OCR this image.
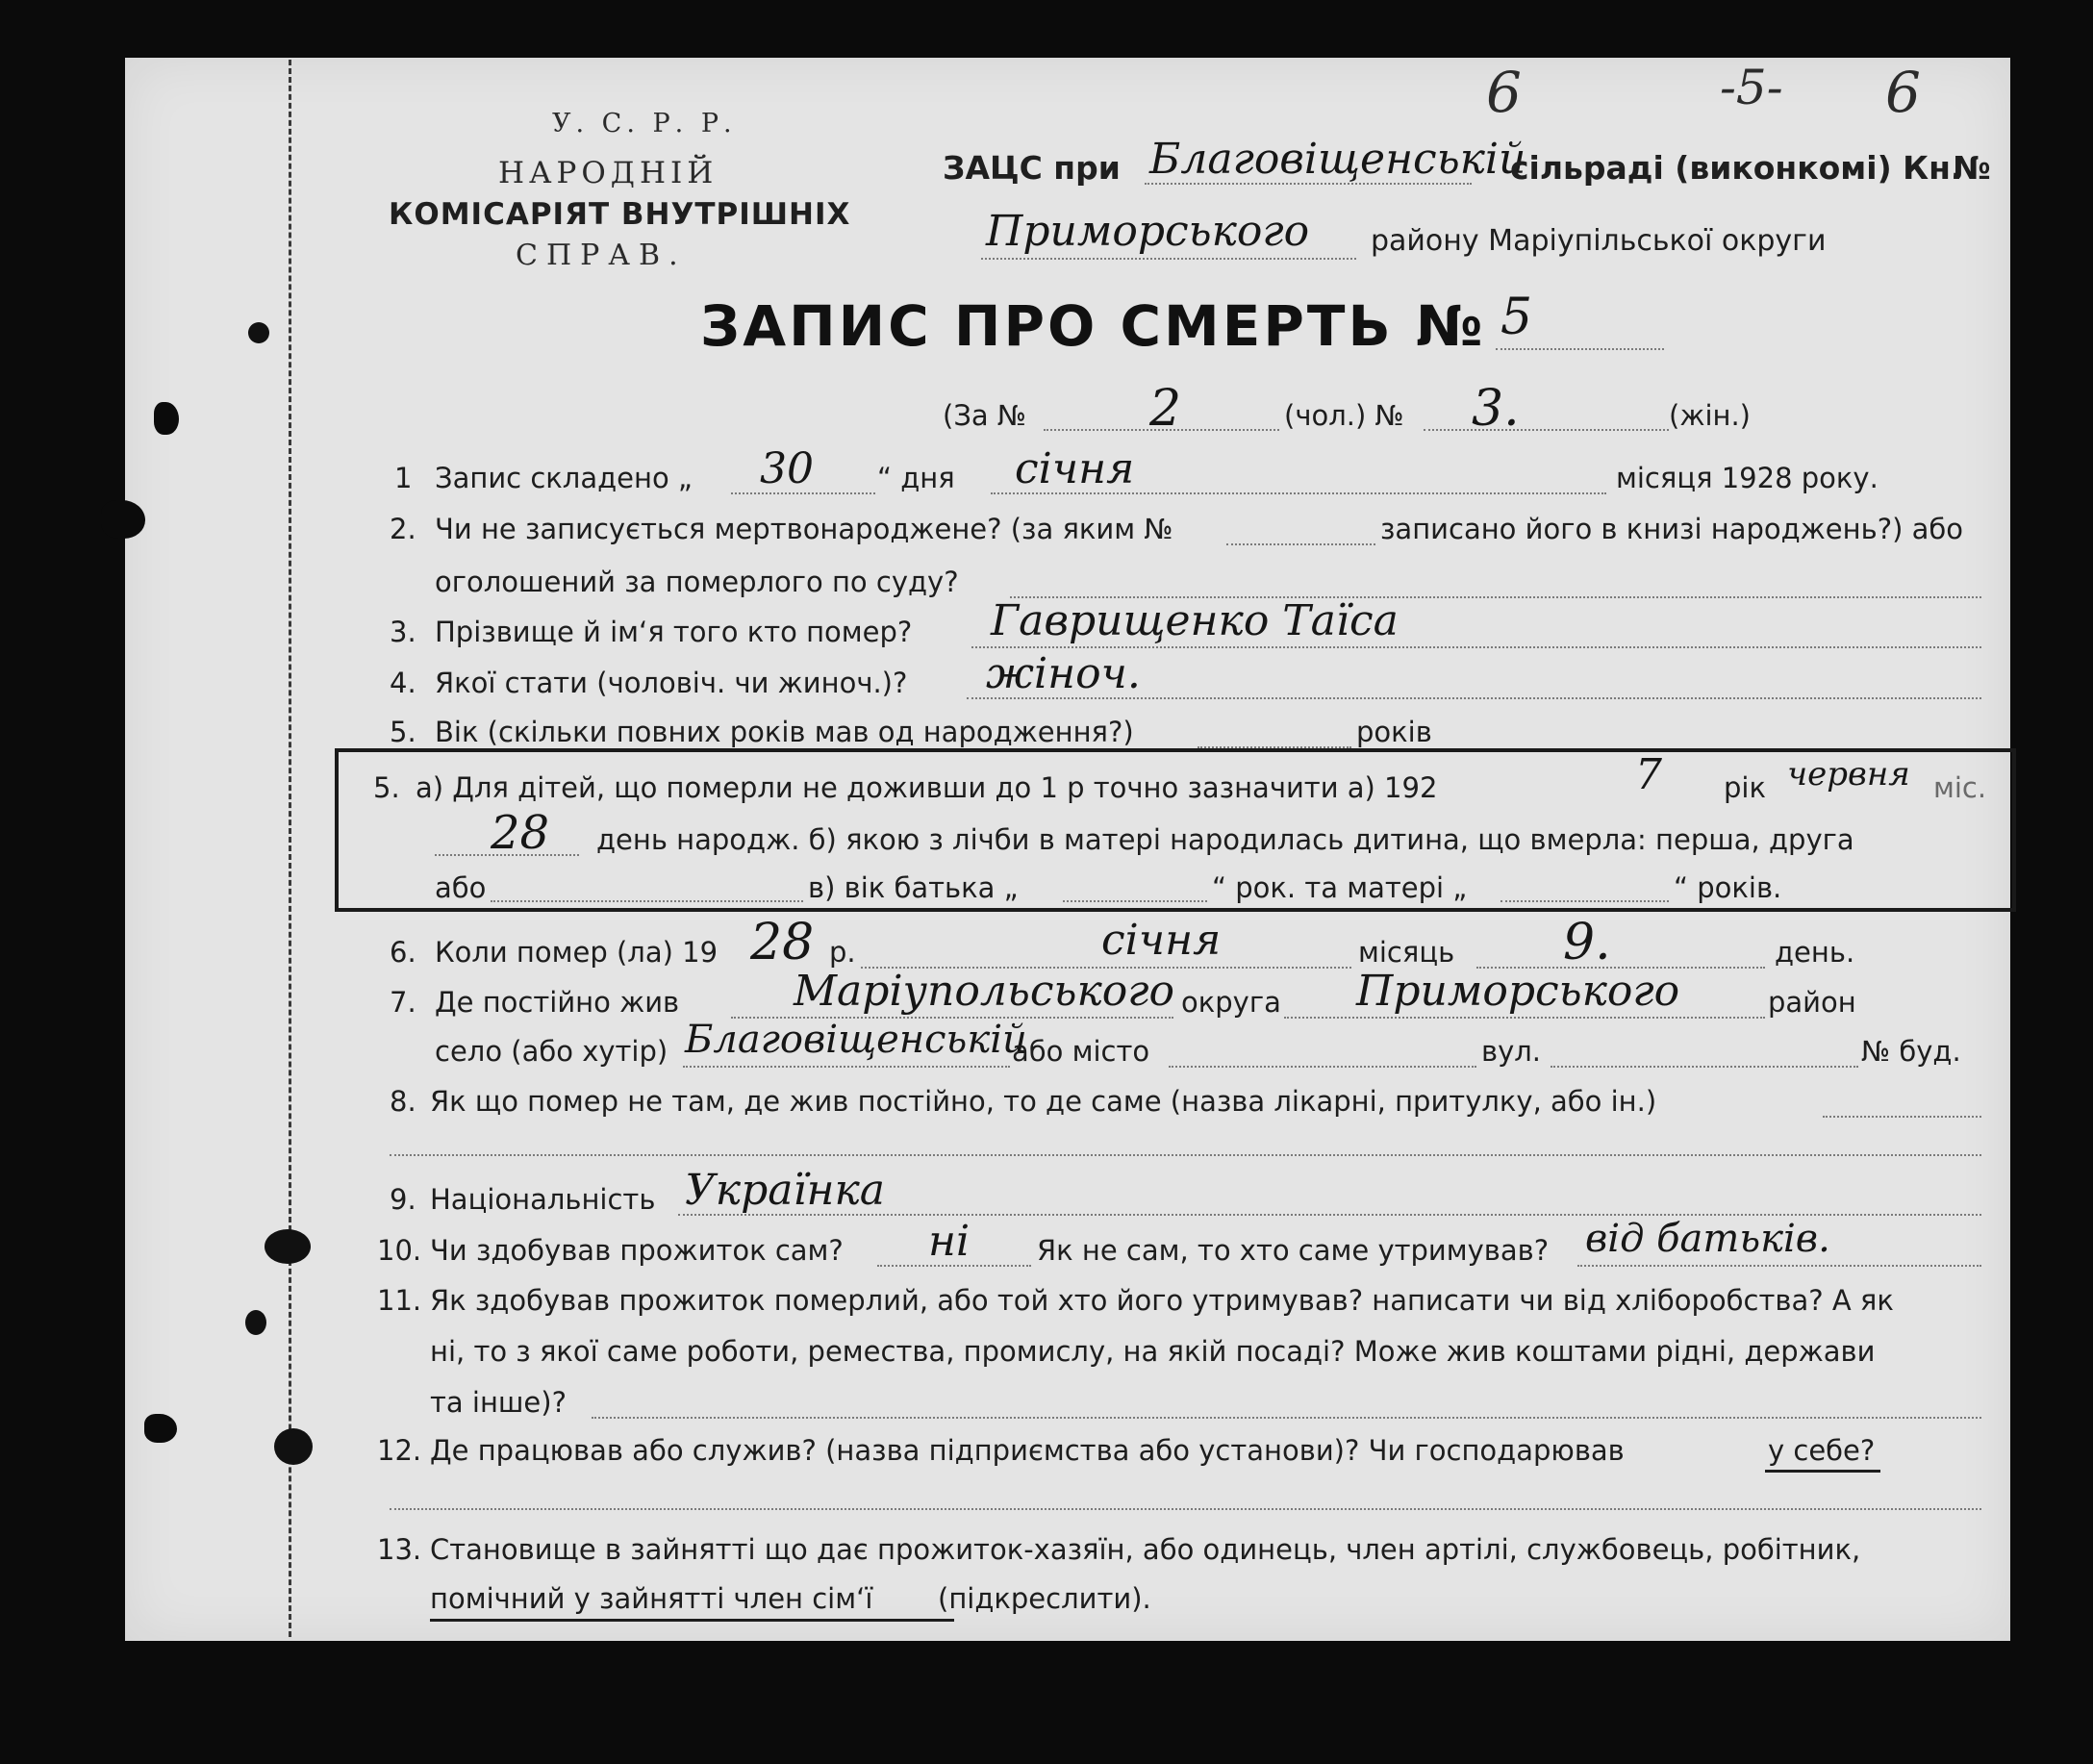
У. С. Р. Р.
НАРОДНІЙ
КОМІСАРІЯТ ВНУТРІШНІХ
СПРАВ.
ЗАЦС при Благовіщенській
сільраді (виконкомі) Кн.
№
Приморського району Маріупільської округи
6	-5- 6
ЗАПИС ПРО СМЕРТЬ № 5
(За № 2	(чол.) № 3.	(жін.)
1 Запис складено „ 30 “ дня січня	місяця 1928 року.
2. Чи не записується мертвонароджене? (за яким №	записано його в книзі народжень?) або
оголошений за померлого по суду?
3. Прізвище й ім‘я того кто помер? Гаврищенко Таїса
4. Якої стати (чоловіч. чи жиноч.)? жіноч.
5. Вік (скільки повних років мав од народження?)	років
5. а) Для дітей, що померли не доживши до 1 р точно зазначити а) 192	7 рік червня міс.
28 день народж. б) якою з лічби в матері народилась дитина, що вмерла: перша, друга
або	в) вік батька „	“ рок. та матері „	“ років.
6. Коли помер (ла) 19 28 р.	січня	місяць 9.	день.
7. Де постійно жив	Маріупольського округа Приморського	район
село (або хутір) Благовіщенській
або місто	вул.	№ буд.
8. Як що помер не там, де жив постійно, то де саме (назва лікарні, притулку, або ін.)
9. Національність Українка
10. Чи здобував прожиток сам? ні Як не сам, то хто саме утримував? від батьків.
11. Як здобував прожиток померлий, або той хто його утримував? написати чи від хліборобства? А як
ні, то з якої саме роботи, ремества, промислу, на якій посаді? Може жив коштами рідні, держави
та інше)?
12. Де працював або служив? (назва підприємства або установи)? Чи господарював	у себе?
13. Становище в зайнятті що дає прожиток-хазяїн, або одинець, член артілі, службовець, робітник,
помічний у зайнятті член сім‘ї (підкреслити).
